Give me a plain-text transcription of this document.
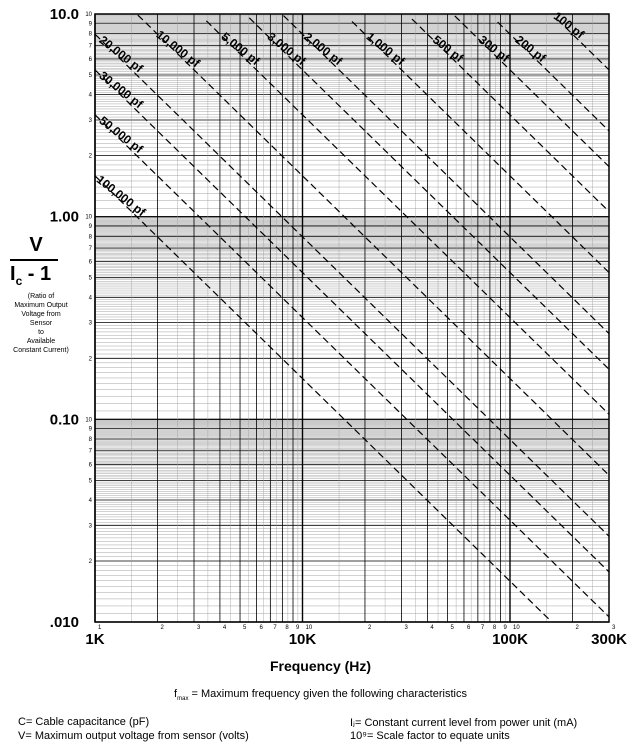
.010
0.10
1.00
10.0
2
3
4
5
6
7
8
9
10
2
3
4
5
6
7
8
9
10
2
3
4
5
6
7
8
9
10
1K	10K	100K	300K
1	2	3	4	5 6 7 8 9 10	2	3	4	5 6 7 8 9 10	2	3
100 pf
200 pf
300 pf
500 pf
1,000 pf
2,000 pf
3,000 pf
5,000 pf
10,000 pf
20,000 pf
30,000 pf
50,000 pf
100,000 pf
V
$I_c - 1$
(Ratio of
Maximum Output
Voltage from
Sensor
to
Available
Constant Current)
Frequency (Hz)
$f_{max}$ = Maximum frequency given the following characteristics
C= Cable capacitance (pF)
V= Maximum output voltage from sensor (volts)
Iⱼ= Constant current level from power unit (mA)
10⁹= Scale factor to equate units
